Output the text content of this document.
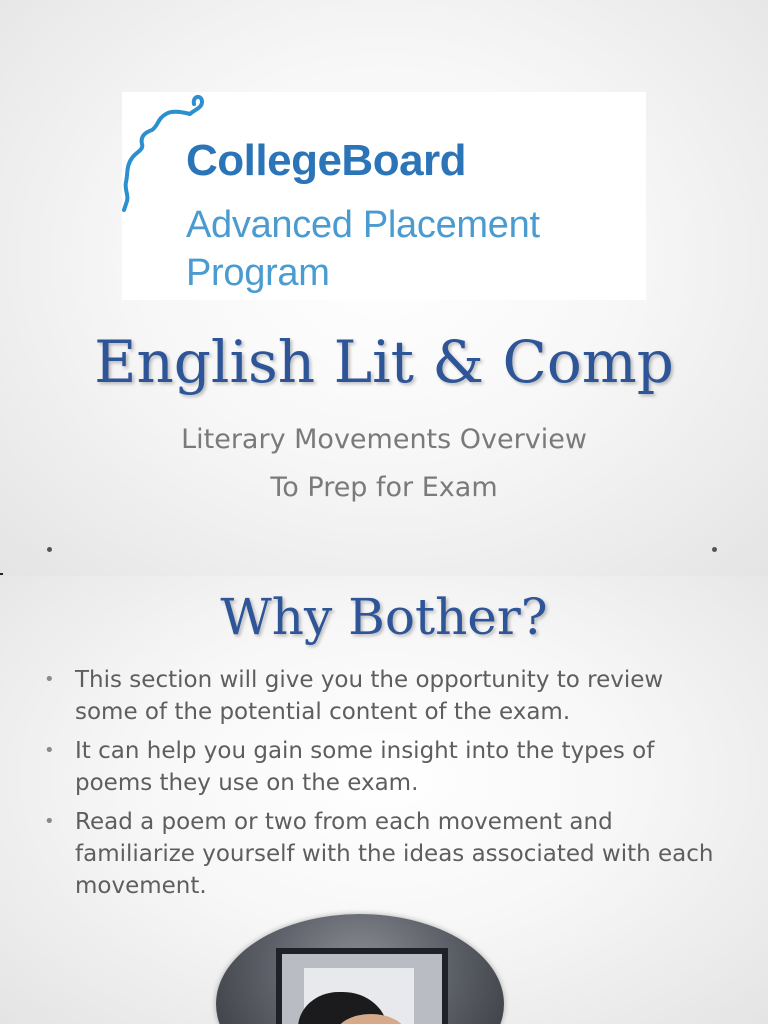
CollegeBoard
Advanced Placement
Program
English Lit & Comp
Literary Movements Overview
To Prep for Exam
Why Bother?
• This section will give you the opportunity to review some of the potential content of the exam.
• It can help you gain some insight into the types of poems they use on the exam.
• Read a poem or two from each movement and familiarize yourself with the ideas associated with each movement.
